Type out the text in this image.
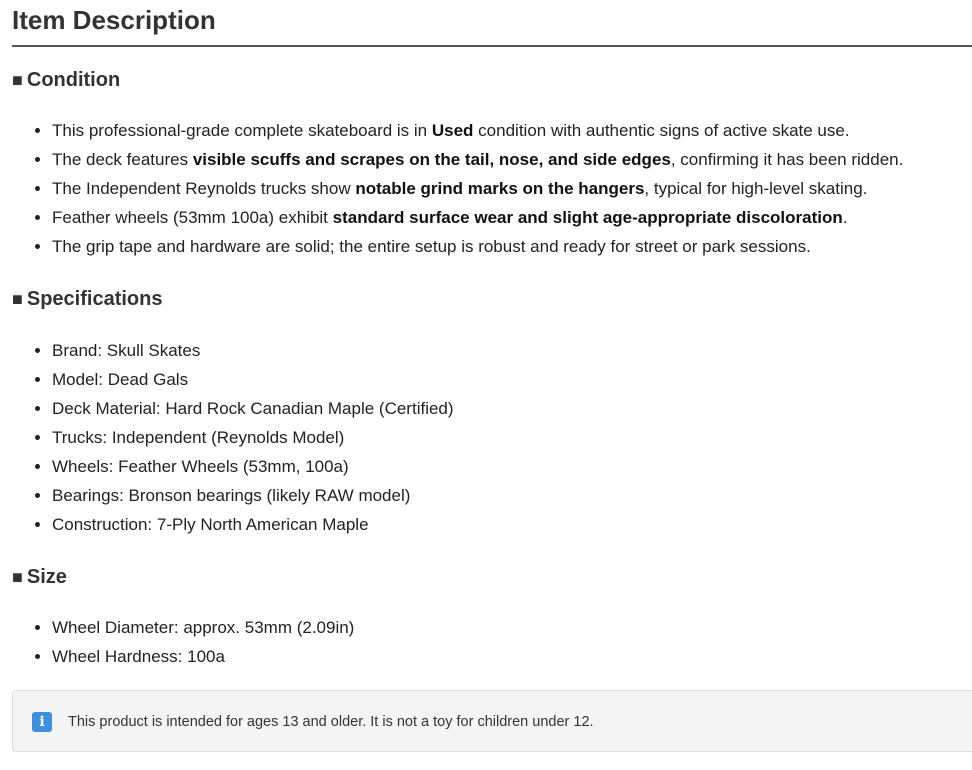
Item Description
■ Condition
• This professional-grade complete skateboard is in Used condition with authentic signs of active skate use.
• The deck features visible scuffs and scrapes on the tail, nose, and side edges, confirming it has been ridden.
• The Independent Reynolds trucks show notable grind marks on the hangers, typical for high-level skating.
• Feather wheels (53mm 100a) exhibit standard surface wear and slight age-appropriate discoloration.
• The grip tape and hardware are solid; the entire setup is robust and ready for street or park sessions.
■ Specifications
• Brand: Skull Skates
• Model: Dead Gals
• Deck Material: Hard Rock Canadian Maple (Certified)
• Trucks: Independent (Reynolds Model)
• Wheels: Feather Wheels (53mm, 100a)
• Bearings: Bronson bearings (likely RAW model)
• Construction: 7-Ply North American Maple
■ Size
• Wheel Diameter: approx. 53mm (2.09in)
• Wheel Hardness: 100a
i	This product is intended for ages 13 and older. It is not a toy for children under 12.
